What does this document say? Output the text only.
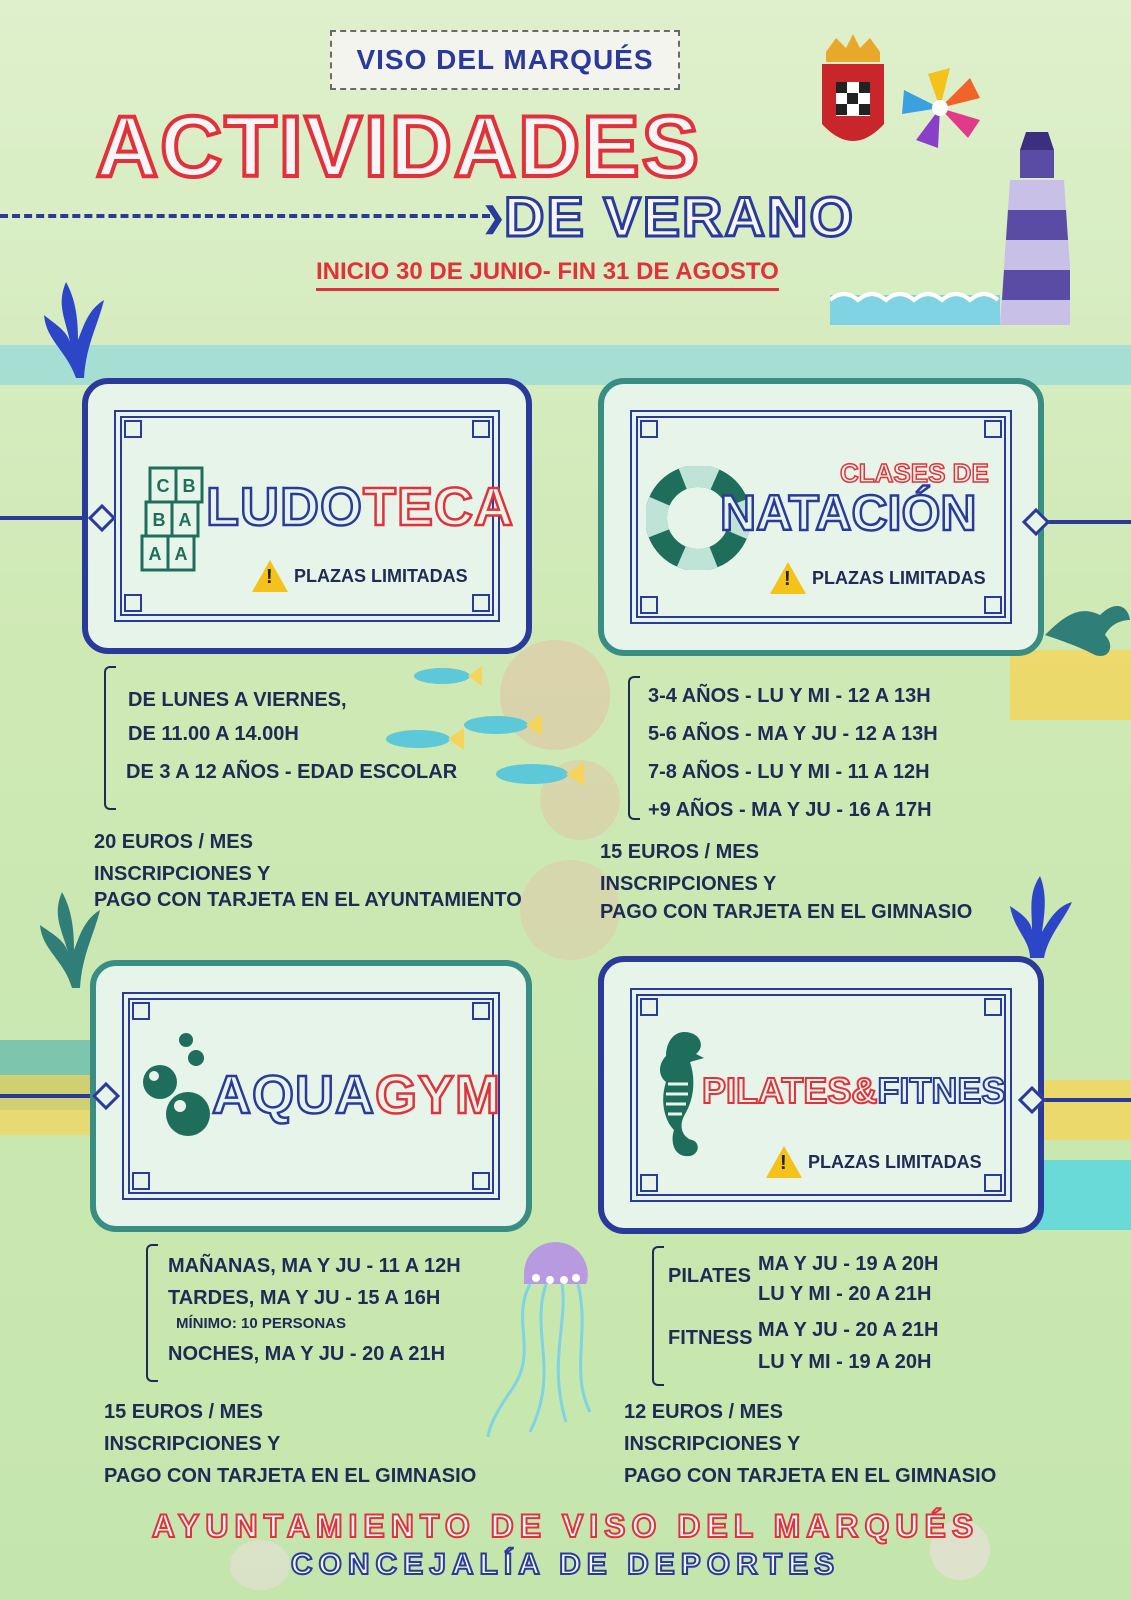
VISO DEL MARQUÉS
ACTIVIDADES
❯
DE VERANO
INICIO 30 DE JUNIO- FIN 31 DE AGOSTO
C B
B A
A A
LUDOTECA
!
PLAZAS LIMITADAS
CLASES DE
NATACIÓN
!
PLAZAS LIMITADAS
AQUAGYM	PILATES&FITNES
!
PLAZAS LIMITADAS
DE LUNES A VIERNES,
DE 11.00 A 14.00H
DE 3 A 12 AÑOS - EDAD ESCOLAR
20 EUROS / MES
INSCRIPCIONES Y
PAGO CON TARJETA EN EL AYUNTAMIENTO
3-4 AÑOS - LU Y MI - 12 A 13H
5-6 AÑOS - MA Y JU - 12 A 13H
7-8 AÑOS - LU Y MI - 11 A 12H
+9 AÑOS - MA Y JU - 16 A 17H
15 EUROS / MES
INSCRIPCIONES Y
PAGO CON TARJETA EN EL GIMNASIO
MAÑANAS, MA Y JU - 11 A 12H
TARDES, MA Y JU - 15 A 16H
MÍNIMO: 10 PERSONAS
NOCHES, MA Y JU - 20 A 21H
15 EUROS / MES
INSCRIPCIONES Y
PAGO CON TARJETA EN EL GIMNASIO
PILATES
MA Y JU - 19 A 20H
LU Y MI - 20 A 21H
FITNESS MA Y JU - 20 A 21H
LU Y MI - 19 A 20H
12 EUROS / MES
INSCRIPCIONES Y
PAGO CON TARJETA EN EL GIMNASIO
AYUNTAMIENTO DE VISO DEL MARQUÉS
CONCEJALÍA DE DEPORTES
